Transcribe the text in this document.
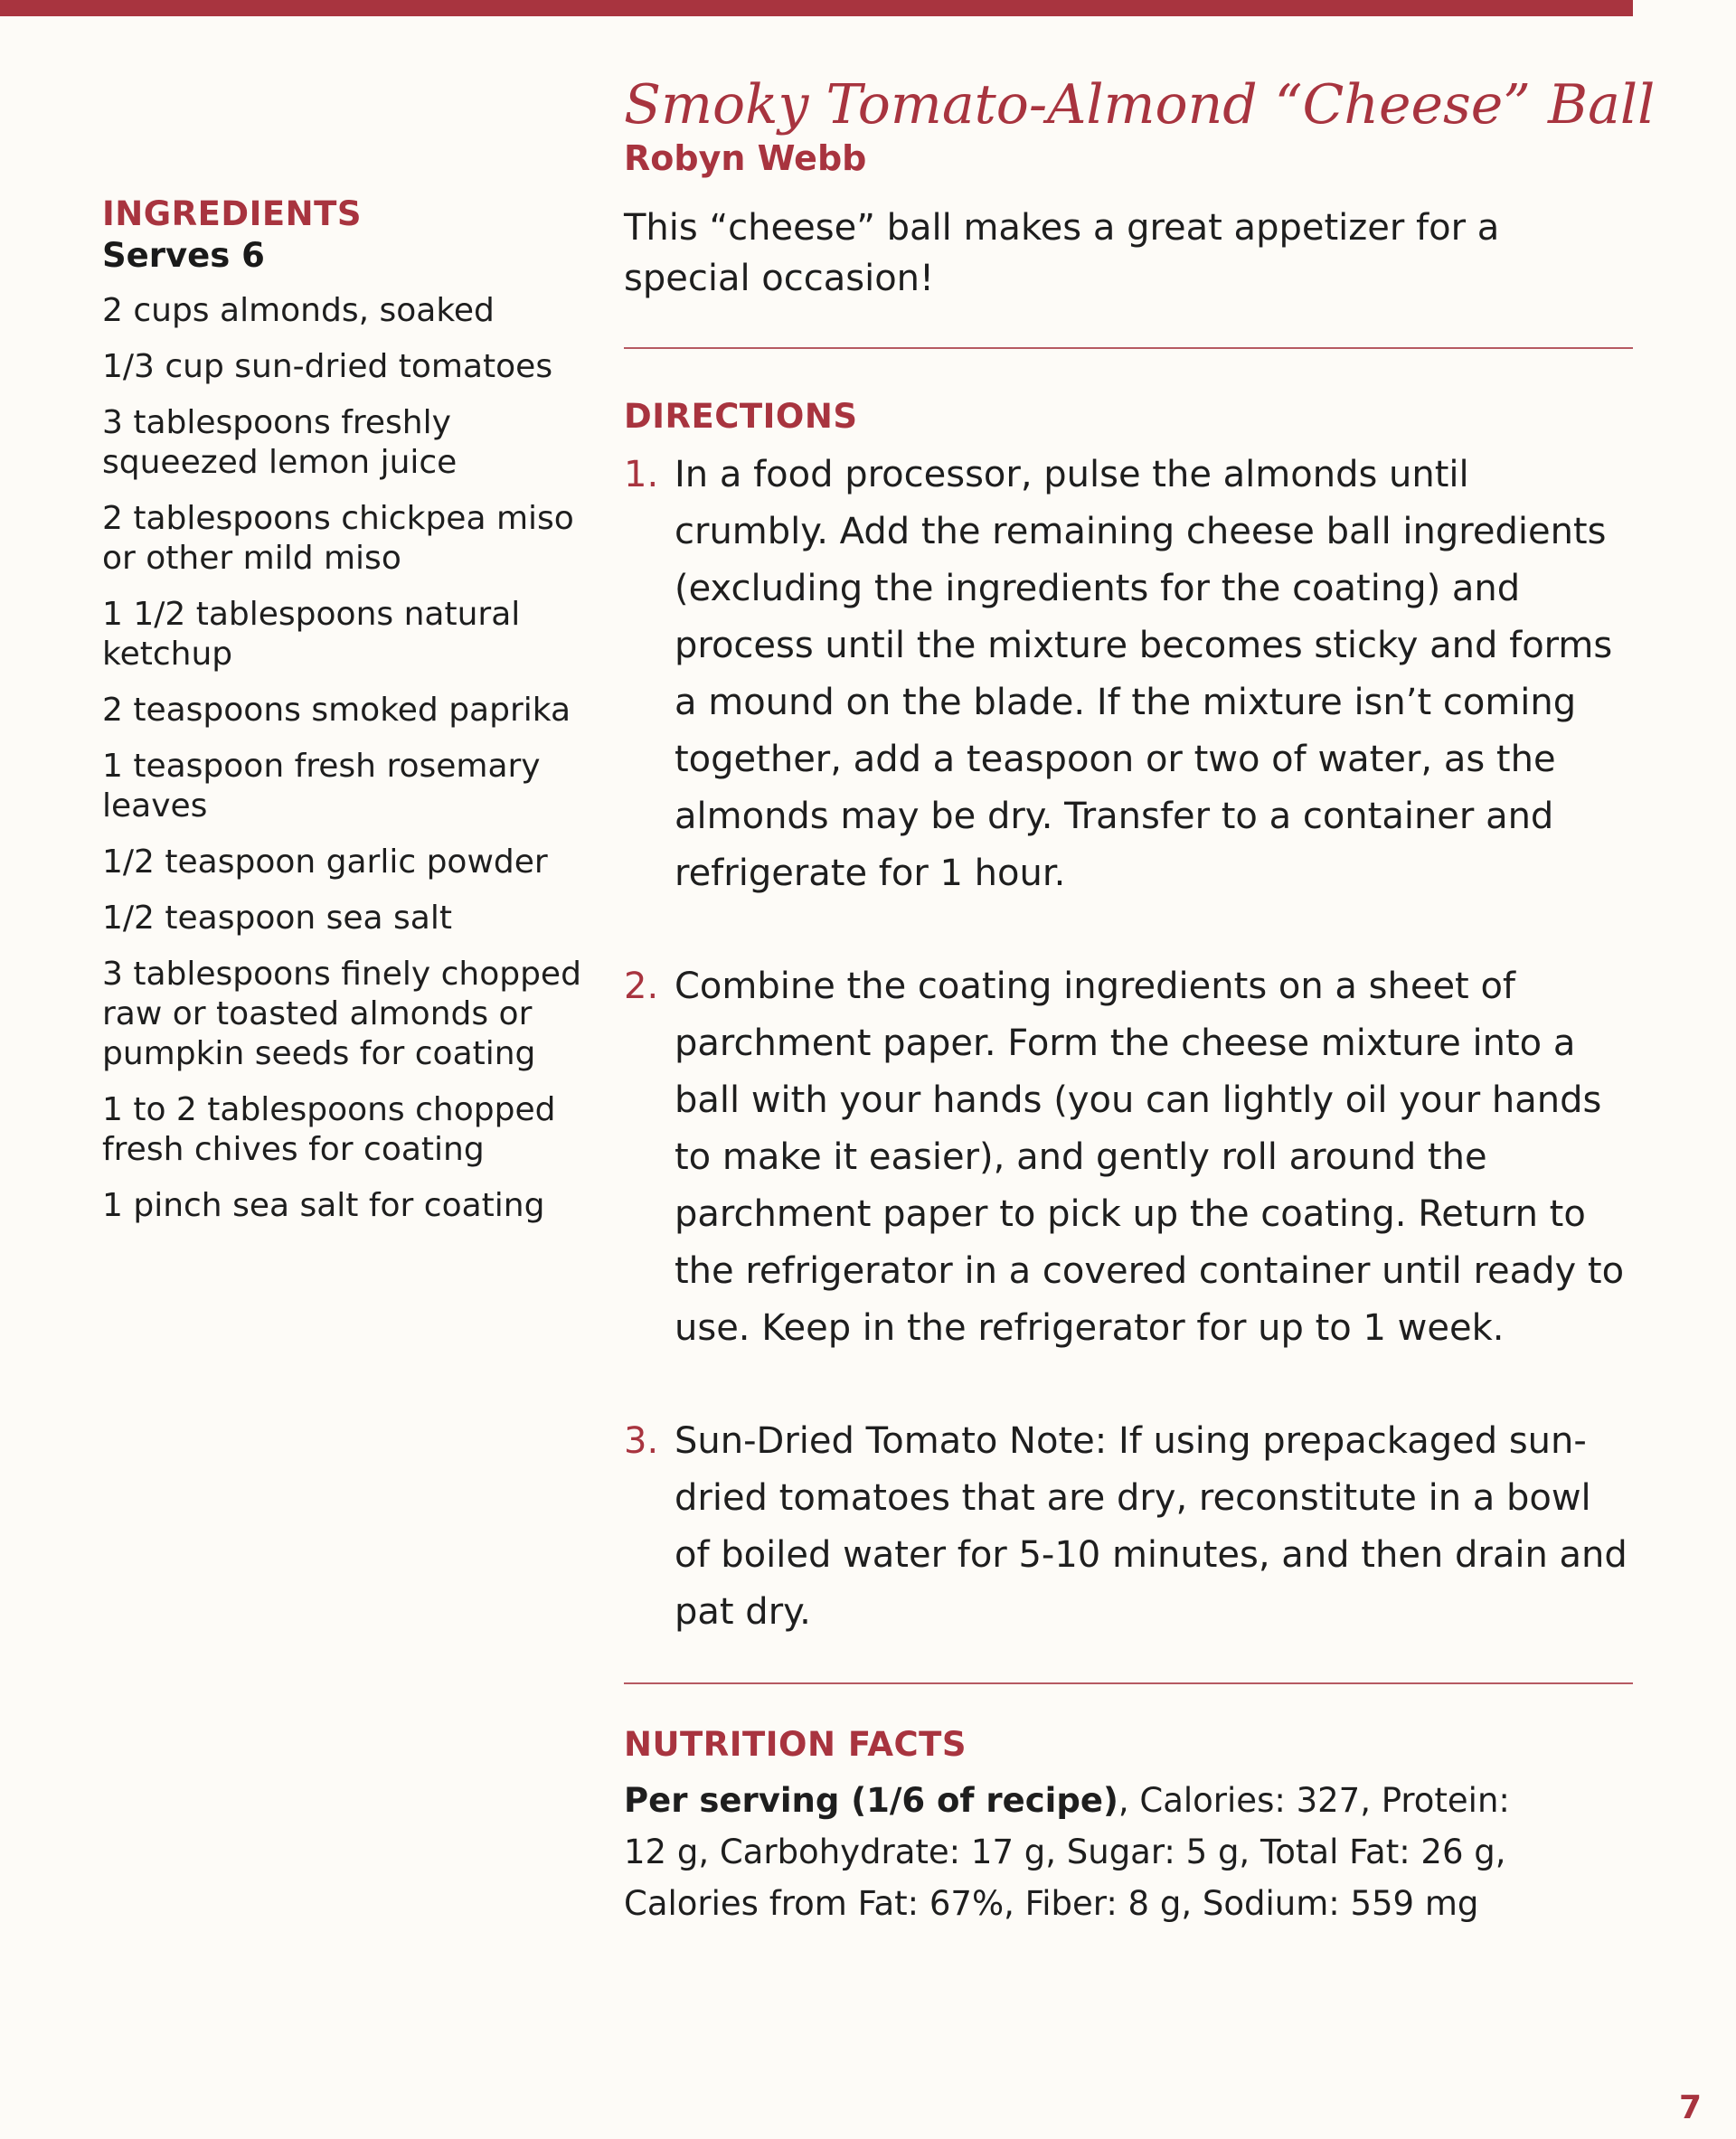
INGREDIENTS
Serves 6
2 cups almonds, soaked
1/3 cup sun-dried tomatoes
3 tablespoons freshly squeezed lemon juice
2 tablespoons chickpea miso or other mild miso
1 1/2 tablespoons natural ketchup
2 teaspoons smoked paprika
1 teaspoon fresh rosemary leaves
1/2 teaspoon garlic powder
1/2 teaspoon sea salt
3 tablespoons finely chopped raw or toasted almonds or pumpkin seeds for coating
1 to 2 tablespoons chopped fresh chives for coating
1 pinch sea salt for coating
Smoky Tomato-Almond “Cheese” Ball
Robyn Webb
This “cheese” ball makes a great appetizer for a special occasion!
DIRECTIONS
1. In a food processor, pulse the almonds until crumbly. Add the remaining cheese ball ingredients (excluding the ingredients for the coating) and process until the mixture becomes sticky and forms a mound on the blade. If the mixture isn’t coming together, add a teaspoon or two of water, as the almonds may be dry. Transfer to a container and refrigerate for 1 hour.
2. Combine the coating ingredients on a sheet of parchment paper. Form the cheese mixture into a ball with your hands (you can lightly oil your hands to make it easier), and gently roll around the parchment paper to pick up the coating. Return to the refrigerator in a covered container until ready to use. Keep in the refrigerator for up to 1 week.
3. Sun-Dried Tomato Note: If using prepackaged sun-dried tomatoes that are dry, reconstitute in a bowl of boiled water for 5-10 minutes, and then drain and pat dry.
NUTRITION FACTS
Per serving (1/6 of recipe), Calories: 327, Protein: 12 g, Carbohydrate: 17 g, Sugar: 5 g, Total Fat: 26 g, Calories from Fat: 67%, Fiber: 8 g, Sodium: 559 mg
7
